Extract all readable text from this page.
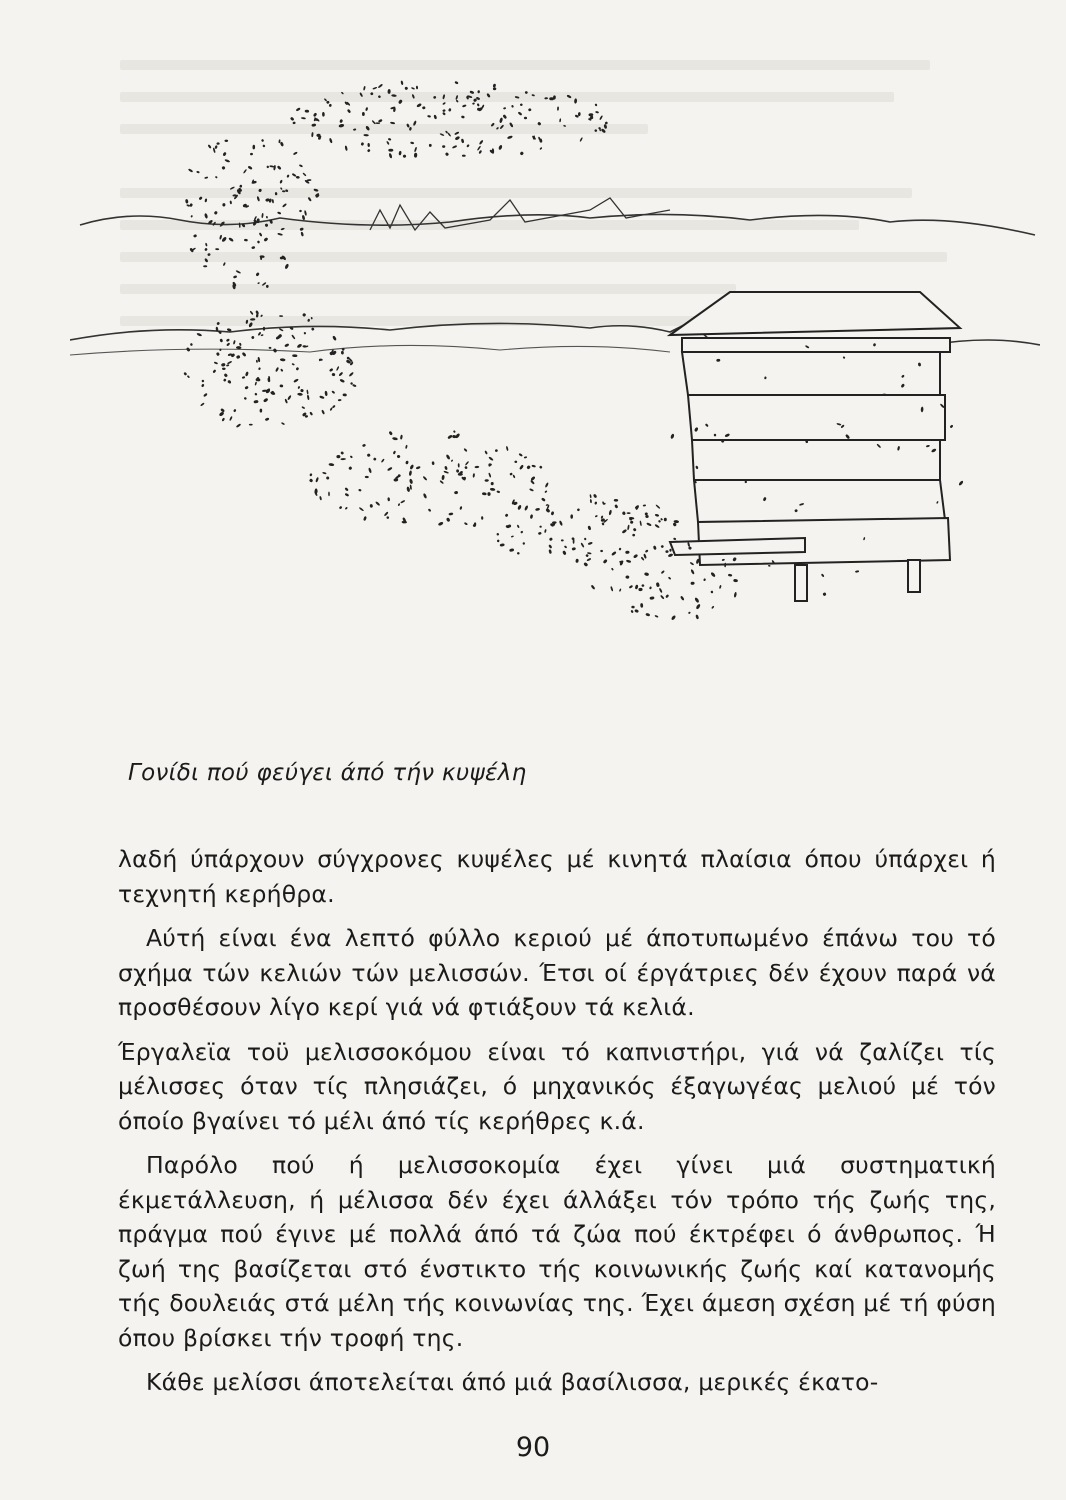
Γονίδι πού φεύγει άπό τήν κυψέλη

λαδή ύπάρχουν σύγχρονες κυψέλες μέ κινητά πλαίσια όπου ύπάρχει ή τεχνητή κερήθρα.

Αύτή είναι ένα λεπτό φύλλο κεριού μέ άποτυπωμένο έπάνω του τό σχήμα τών κελιών τών μελισσών. Έτσι οί έργάτριες δέν έχουν παρά νά προσθέσουν λίγο κερί γιά νά φτιάξουν τά κελιά.

Έργαλεϊα τοϋ μελισσοκόμου είναι τό καπνιστήρι, γιά νά ζαλίζει τίς μέλισσες όταν τίς πλησιάζει, ό μηχανικός έξαγωγέας μελιού μέ τόν όποίο βγαίνει τό μέλι άπό τίς κερήθρες κ.ά.

Παρόλο πού ή μελισσοκομία έχει γίνει μιά συστηματική έκμετάλλευση, ή μέλισσα δέν έχει άλλάξει τόν τρόπο τής ζωής της, πράγμα πού έγινε μέ πολλά άπό τά ζώα πού έκτρέφει ό άνθρωπος. Ή ζωή της βασίζεται στό ένστικτο τής κοινωνικής ζωής καί κατανομής τής δουλειάς στά μέλη τής κοινωνίας της. Έχει άμεση σχέση μέ τή φύση όπου βρίσκει τήν τροφή της.

Κάθε μελίσσι άποτελείται άπό μιά βασίλισσα, μερικές έκατο-

90
